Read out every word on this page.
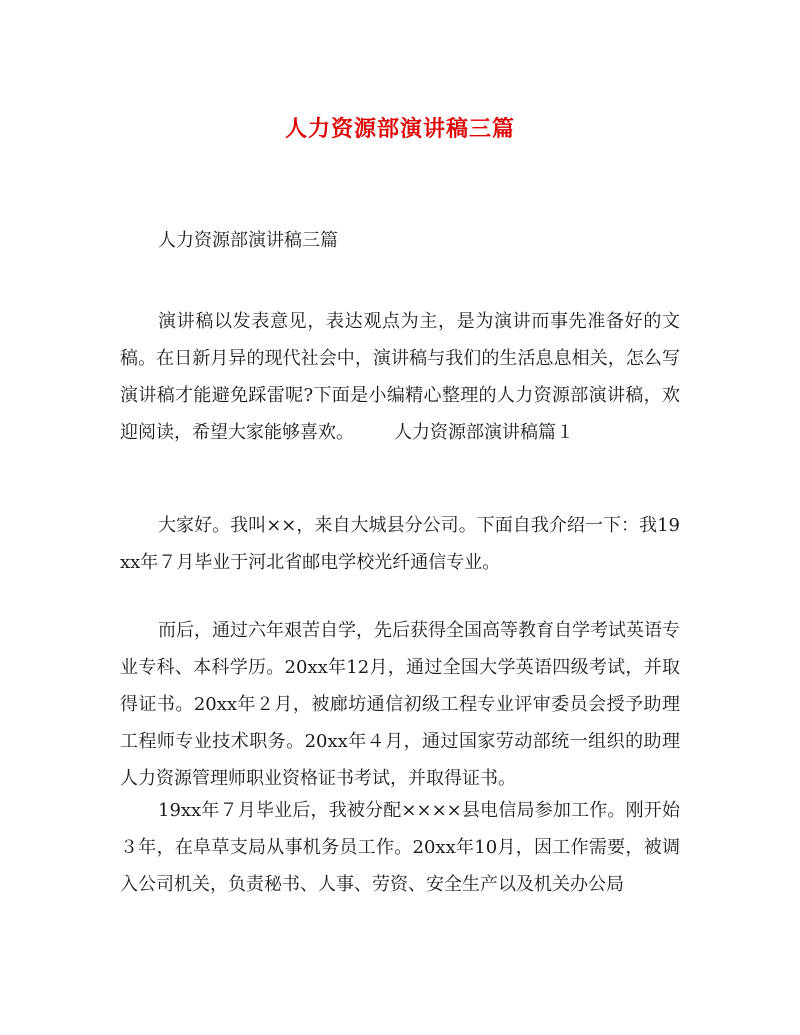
人力资源部演讲稿三篇

人力资源部演讲稿三篇

演讲稿以发表意见，表达观点为主，是为演讲而事先准备好的文稿。在日新月异的现代社会中，演讲稿与我们的生活息息相关，怎么写演讲稿才能避免踩雷呢?下面是小编精心整理的人力资源部演讲稿，欢迎阅读，希望大家能够喜欢。 人力资源部演讲稿篇１

大家好。我叫××，来自大城县分公司。下面自我介绍一下：我19xx年７月毕业于河北省邮电学校光纤通信专业。

而后，通过六年艰苦自学，先后获得全国高等教育自学考试英语专业专科、本科学历。20xx年12月，通过全国大学英语四级考试，并取得证书。20xx年２月，被廊坊通信初级工程专业评审委员会授予助理工程师专业技术职务。20xx年４月，通过国家劳动部统一组织的助理人力资源管理师职业资格证书考试，并取得证书。

19xx年７月毕业后，我被分配××××县电信局参加工作。刚开始３年，在阜草支局从事机务员工作。20xx年10月，因工作需要，被调入公司机关，负责秘书、人事、劳资、安全生产以及机关办公局
